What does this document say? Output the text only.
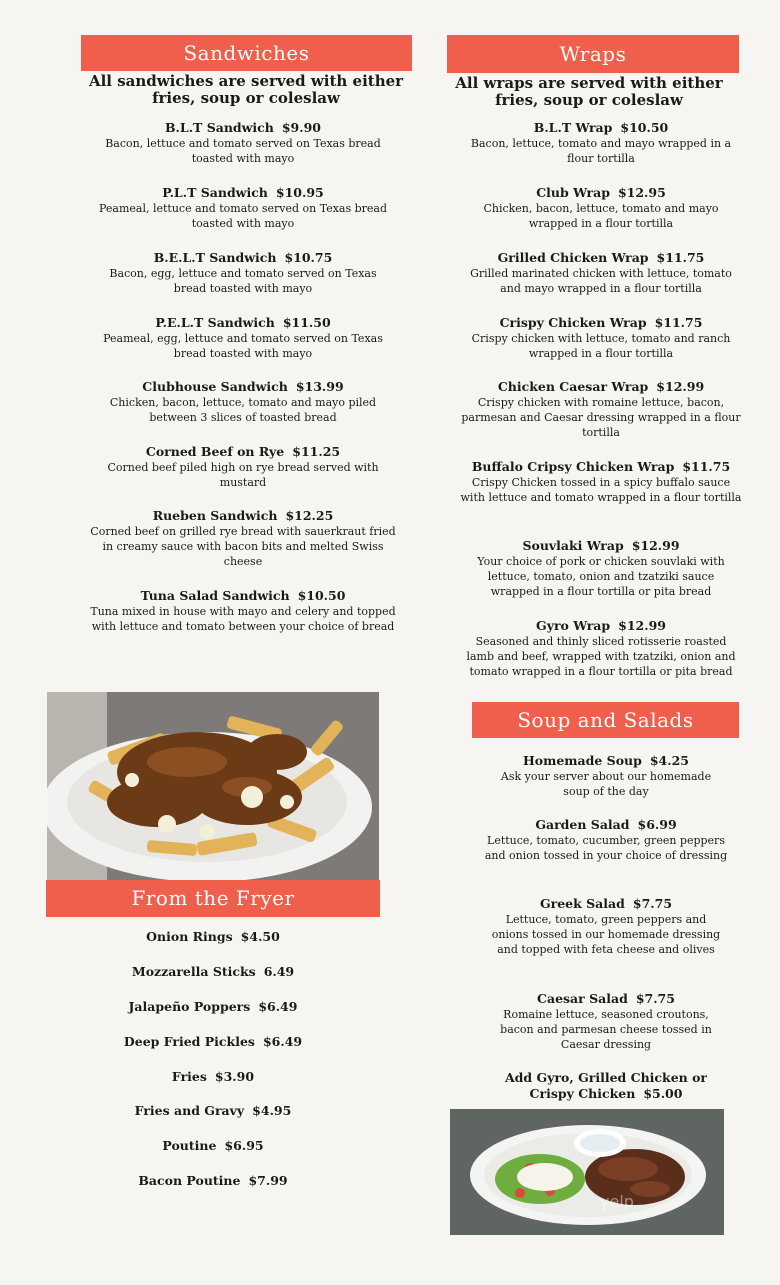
Sandwiches
All sandwiches are served with either fries, soup or coleslaw
B.L.T Sandwich $9.90
Bacon, lettuce and tomato served on Texas bread toasted with mayo
P.L.T Sandwich $10.95
Peameal, lettuce and tomato served on Texas bread toasted with mayo
B.E.L.T Sandwich $10.75
Bacon, egg, lettuce and tomato served on Texas bread toasted with mayo
P.E.L.T Sandwich $11.50
Peameal, egg, lettuce and tomato served on Texas bread toasted with mayo
Clubhouse Sandwich $13.99
Chicken, bacon, lettuce, tomato and mayo piled between 3 slices of toasted bread
Corned Beef on Rye $11.25
Corned beef piled high on rye bread served with mustard
Rueben Sandwich $12.25
Corned beef on grilled rye bread with sauerkraut fried in creamy sauce with bacon bits and melted Swiss cheese
Tuna Salad Sandwich $10.50
Tuna mixed in house with mayo and celery and topped with lettuce and tomato between your choice of bread
From the Fryer
Onion Rings $4.50
Mozzarella Sticks 6.49
Jalapeño Poppers $6.49
Deep Fried Pickles $6.49
Fries $3.90
Fries and Gravy $4.95
Poutine $6.95
Bacon Poutine $7.99
Wraps
All wraps are served with either fries, soup or coleslaw
B.L.T Wrap $10.50
Bacon, lettuce, tomato and mayo wrapped in a flour tortilla
Club Wrap $12.95
Chicken, bacon, lettuce, tomato and mayo wrapped in a flour tortilla
Grilled Chicken Wrap $11.75
Grilled marinated chicken with lettuce, tomato and mayo wrapped in a flour tortilla
Crispy Chicken Wrap $11.75
Crispy chicken with lettuce, tomato and ranch wrapped in a flour tortilla
Chicken Caesar Wrap $12.99
Crispy chicken with romaine lettuce, bacon, parmesan and Caesar dressing wrapped in a flour tortilla
Buffalo Cripsy Chicken Wrap $11.75
Crispy Chicken tossed in a spicy buffalo sauce with lettuce and tomato wrapped in a flour tortilla
Souvlaki Wrap $12.99
Your choice of pork or chicken souvlaki with lettuce, tomato, onion and tzatziki sauce wrapped in a flour tortilla or pita bread
Gyro Wrap $12.99
Seasoned and thinly sliced rotisserie roasted lamb and beef, wrapped with tzatziki, onion and tomato wrapped in a flour tortilla or pita bread
Soup and Salads
Homemade Soup $4.25
Ask your server about our homemade soup of the day
Garden Salad $6.99
Lettuce, tomato, cucumber, green peppers and onion tossed in your choice of dressing
Greek Salad $7.75
Lettuce, tomato, green peppers and onions tossed in our homemade dressing and topped with feta cheese and olives
Caesar Salad $7.75
Romaine lettuce, seasoned croutons, bacon and parmesan cheese tossed in Caesar dressing
Add Gyro, Grilled Chicken or Crispy Chicken $5.00
yelp
